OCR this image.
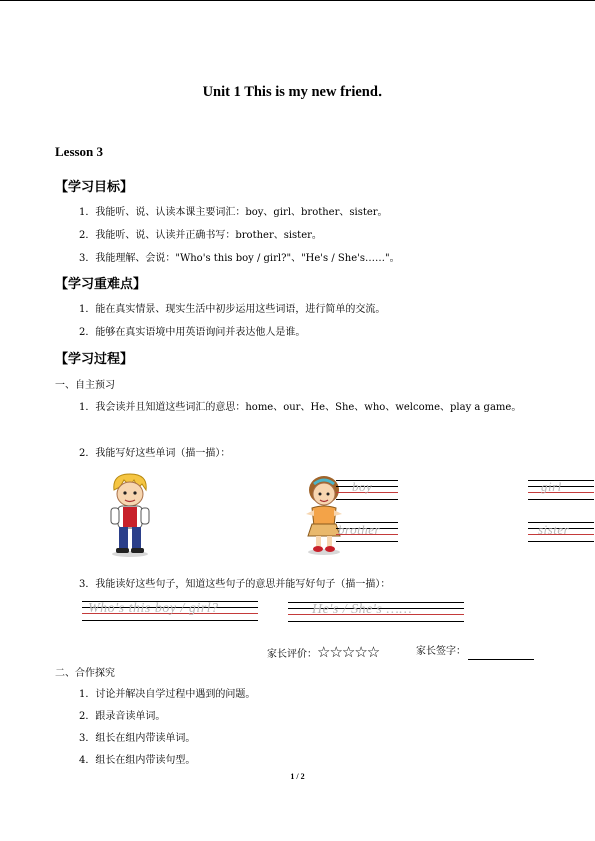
Unit 1 This is my new friend．
Lesson 3
【学习目标】
1．我能听、说、认读本课主要词汇：boy、girl、brother、sister。
2．我能听、说、认读并正确书写：brother、sister。
3．我能理解、会说："Who's this boy / girl?"、"He's / She's……"。
【学习重难点】
1．能在真实情景、现实生活中初步运用这些词语，进行简单的交流。
2．能够在真实语境中用英语询问并表达他人是谁。
【学习过程】
一、自主预习
1．我会读并且知道这些词汇的意思：home、our、He、She、who、welcome、play a game。
2．我能写好这些单词（描一描）：
boy	girl
brother	sister
3．我能读好这些句子，知道这些句子的意思并能写好句子（描一描）：
Who's this boy / girl?	He's / She's ……
家长评价：☆☆☆☆☆	家长签字：
二、合作探究
1．讨论并解决自学过程中遇到的问题。
2．跟录音读单词。
3．组长在组内带读单词。
4．组长在组内带读句型。
1 / 2
